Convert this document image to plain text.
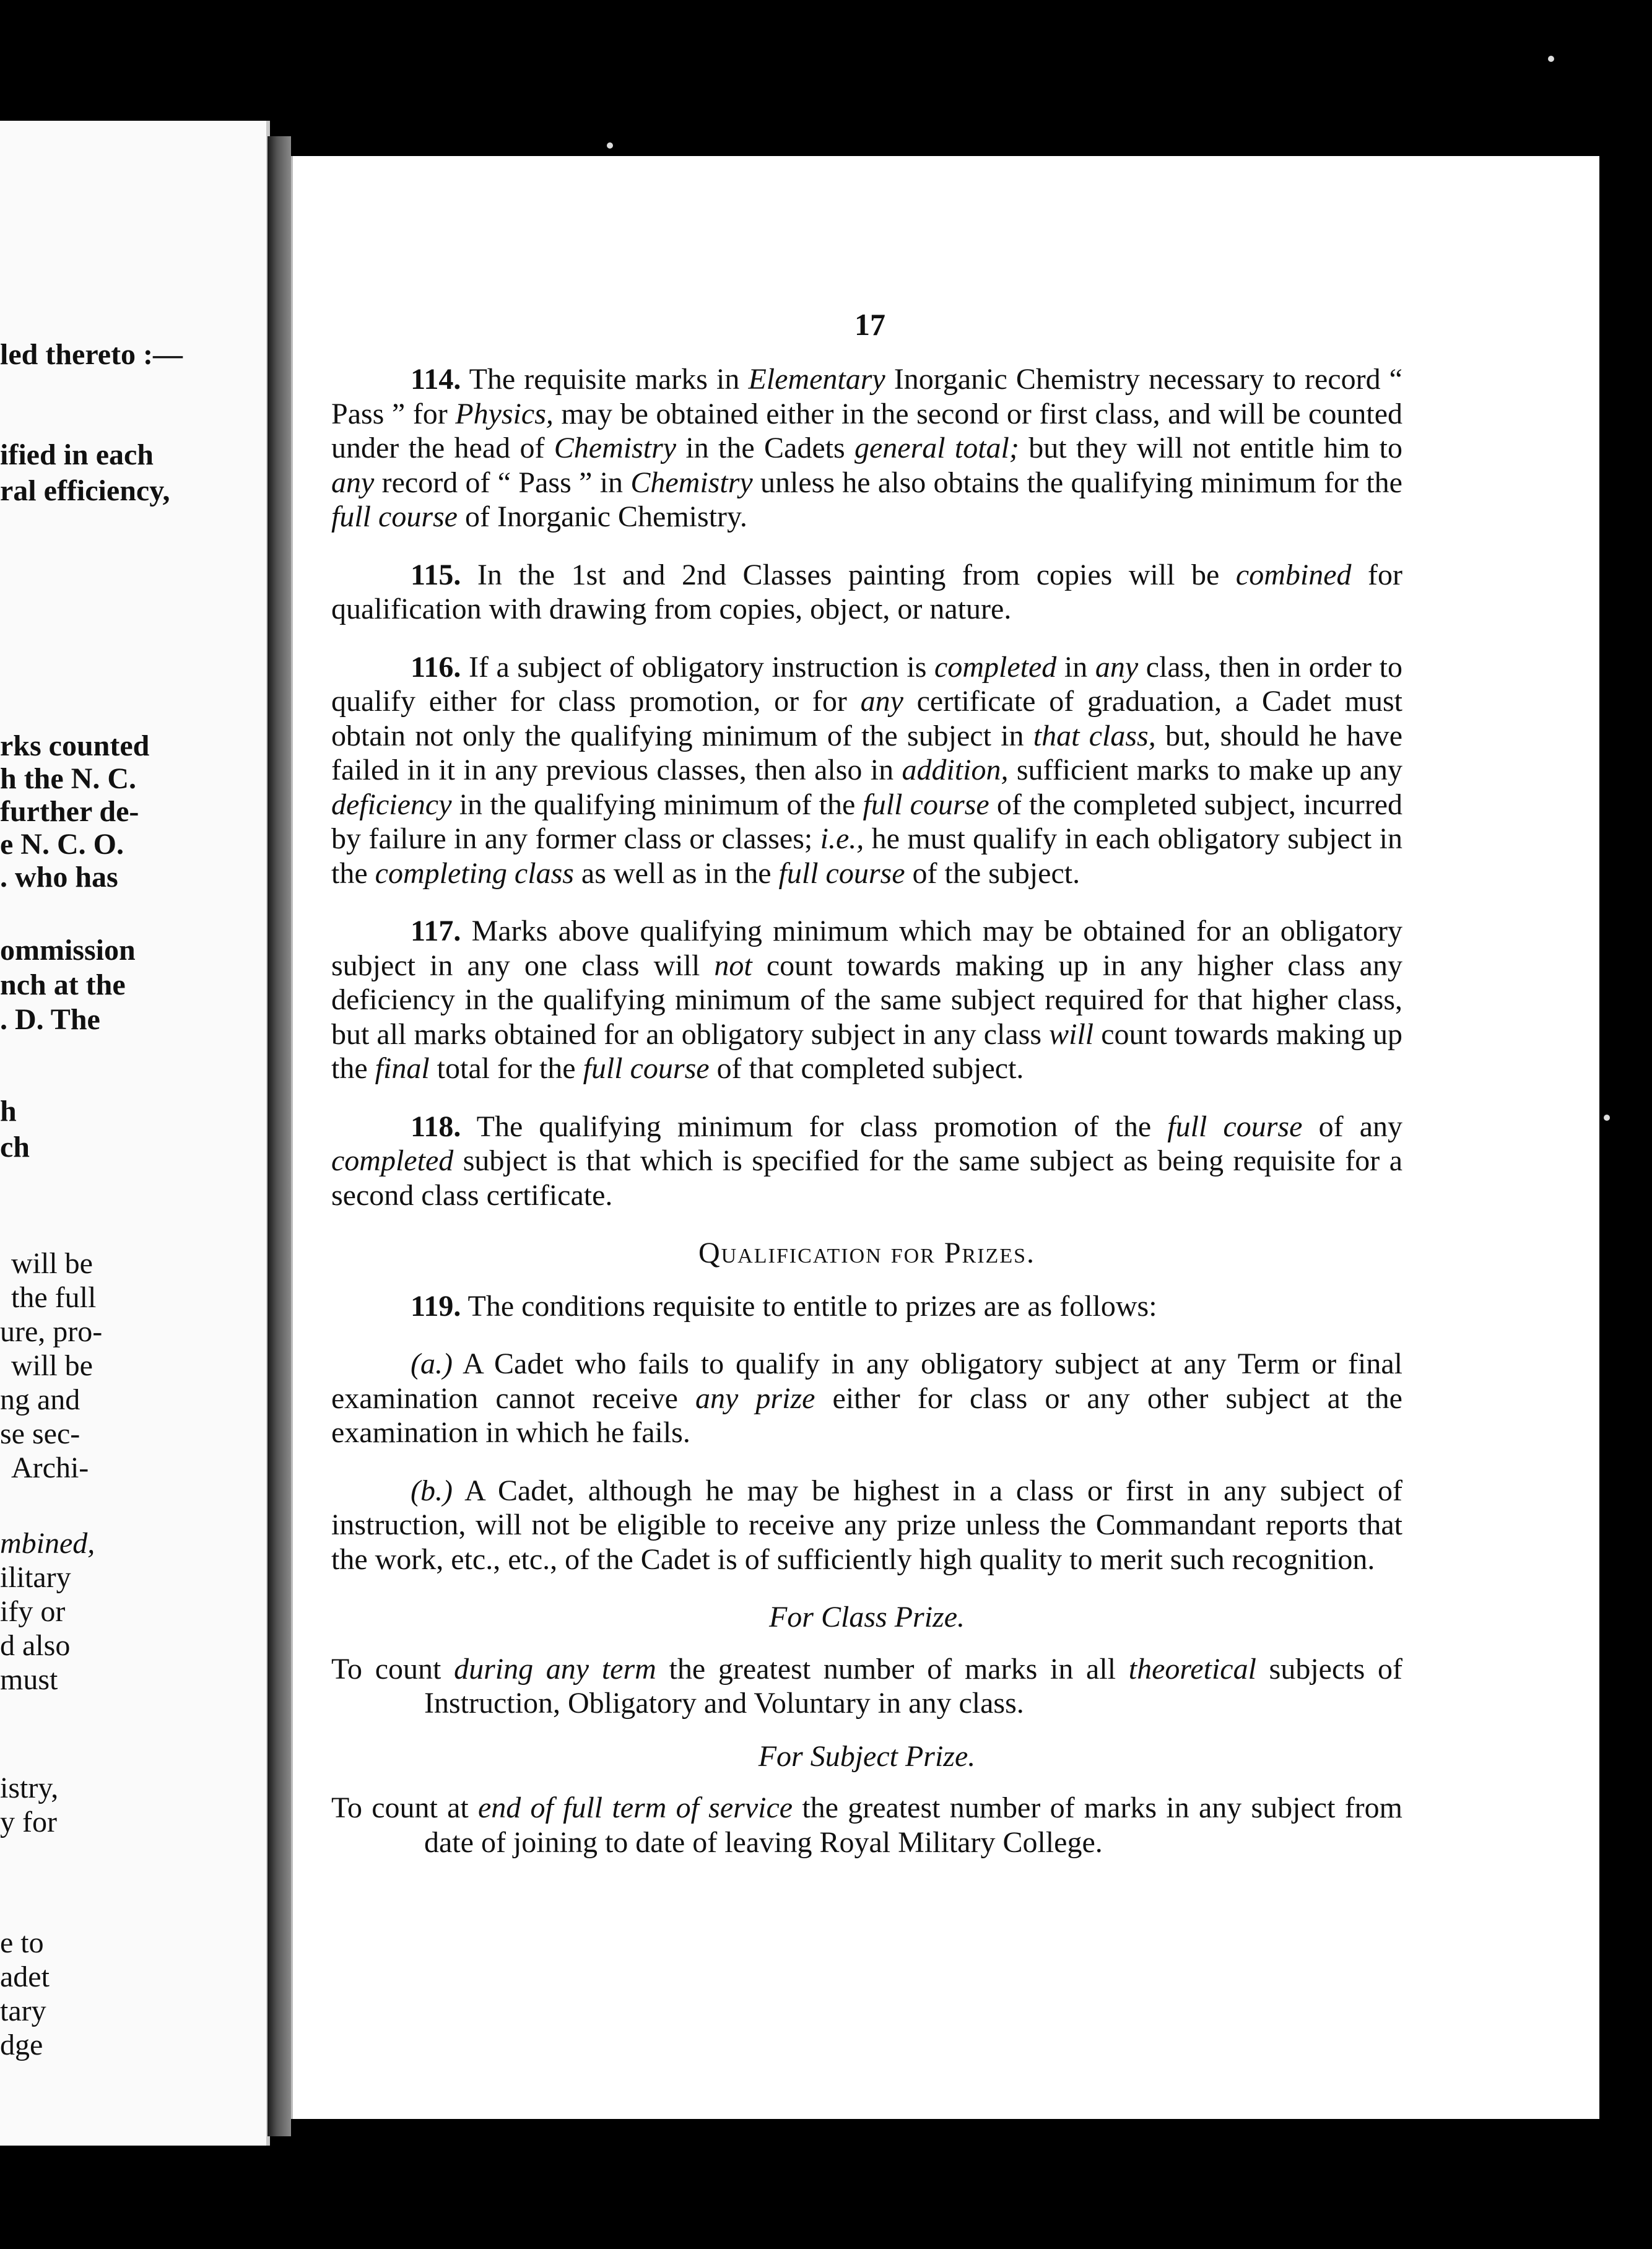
led thereto :—
ified in each
ral efficiency,
rks counted
h the N. C.
further de-
e N. C. O.
. who has
ommission
nch at the
. D. The
h
ch
will be
the full
ure, pro-
will be
ng and
se sec-
Archi-
mbined,
ilitary
ify or
d also
must
istry,
y for
e to
adet
tary
dge
17

114. The requisite marks in Elementary Inorganic Chemistry necessary to record “ Pass ” for Physics, may be obtained either in the second or first class, and will be counted under the head of Chemistry in the Cadets general total; but they will not entitle him to any record of “ Pass ” in Chemistry unless he also obtains the qualifying minimum for the full course of Inorganic Chemistry.

115. In the 1st and 2nd Classes painting from copies will be combined for qualification with drawing from copies, object, or nature.

116. If a subject of obligatory instruction is completed in any class, then in order to qualify either for class promotion, or for any certificate of graduation, a Cadet must obtain not only the qualifying minimum of the subject in that class, but, should he have failed in it in any previous classes, then also in addition, sufficient marks to make up any deficiency in the qualifying minimum of the full course of the completed subject, incurred by failure in any former class or classes; i.e., he must qualify in each obligatory subject in the completing class as well as in the full course of the subject.

117. Marks above qualifying minimum which may be obtained for an obligatory subject in any one class will not count towards making up in any higher class any deficiency in the qualifying minimum of the same subject required for that higher class, but all marks obtained for an obligatory subject in any class will count towards making up the final total for the full course of that completed subject.

118. The qualifying minimum for class promotion of the full course of any completed subject is that which is specified for the same subject as being requisite for a second class certificate.

Qualification for Prizes.

119. The conditions requisite to entitle to prizes are as follows:

(a.) A Cadet who fails to qualify in any obligatory subject at any Term or final examination cannot receive any prize either for class or any other subject at the examination in which he fails.

(b.) A Cadet, although he may be highest in a class or first in any subject of instruction, will not be eligible to receive any prize unless the Commandant reports that the work, etc., etc., of the Cadet is of sufficiently high quality to merit such recognition.

For Class Prize.

To count during any term the greatest number of marks in all theoretical subjects of Instruction, Obligatory and Voluntary in any class.

For Subject Prize.

To count at end of full term of service the greatest number of marks in any subject from date of joining to date of leaving Royal Military College.
